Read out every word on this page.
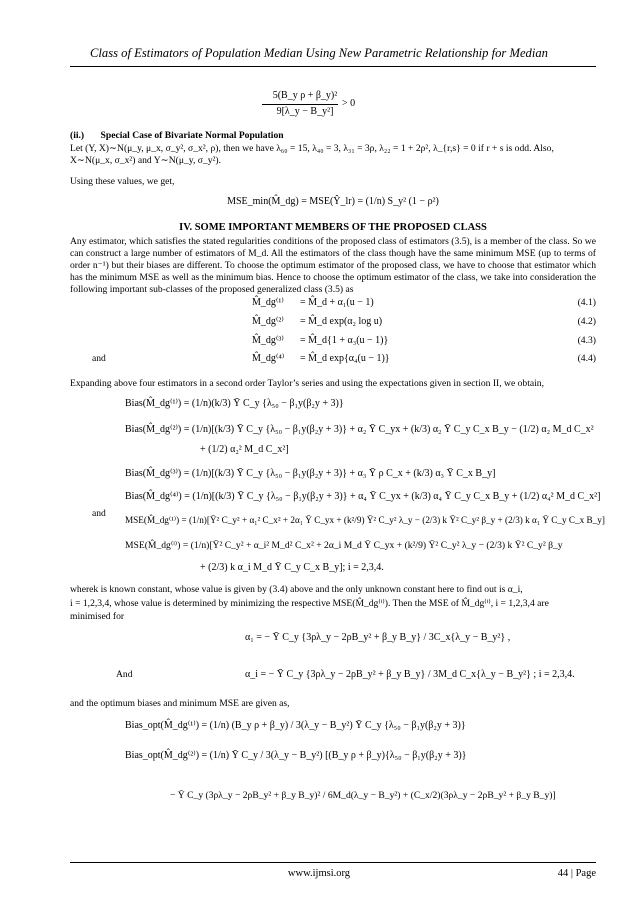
Class of Estimators of Population Median Using New Parametric Relationship for Median
5(B_y ρ + β_y)²
9[λ_y − B_y²]
> 0
(ii.) Special Case of Bivariate Normal Population
Let (Y, X)∼N(μ_y, μ_x, σ_y², σ_x², ρ), then we have λ₆₀ = 15, λ₄₀ = 3, λ₃₁ = 3ρ, λ₂₂ = 1 + 2ρ², λ_{r,s} = 0 if r + s is odd. Also,
X∼N(μ_x, σ_x²) and Y∼N(μ_y, σ_y²).
Using these values, we get,
MSE_min(M̂_dg) = MSE(Ŷ_lr) = (1/n) S_y² (1 − ρ²)
IV. SOME IMPORTANT MEMBERS OF THE PROPOSED CLASS
Any estimator, which satisfies the stated regularities conditions of the proposed class of estimators (3.5), is a member of the class. So we can construct a large number of estimators of M_d. All the estimators of the class though have the same minimum MSE (up to terms of order n⁻¹) but their biases are different. To choose the optimum estimator of the proposed class, we have to choose that estimator which has the minimum MSE as well as the minimum bias. Hence to choose the optimum estimator of the class, we take into consideration the following important sub-classes of the proposed generalized class (3.5) as
M̂_dg⁽¹⁾ = M̂_d + α₁(u − 1)	(4.1)
M̂_dg⁽²⁾ = M̂_d exp(α₂ log u)	(4.2)
M̂_dg⁽³⁾ = M̂_d{1 + α₃(u − 1)}	(4.3)
and	M̂_dg⁽⁴⁾ = M̂_d exp{α₄(u − 1)}	(4.4)
Expanding above four estimators in a second order Taylor’s series and using the expectations given in section II, we obtain,
Bias(M̂_dg⁽¹⁾) = (1/n)(k/3) Ȳ C_y {λ₅₀ − β₁y(β₂y + 3)}
Bias(M̂_dg⁽²⁾) = (1/n)[(k/3) Ȳ C_y {λ₅₀ − β₁y(β₂y + 3)} + α₂ Ȳ C_yx + (k/3) α₂ Ȳ C_y C_x B_y − (1/2) α₂ M_d C_x²
+ (1/2) α₂² M_d C_x²]
Bias(M̂_dg⁽³⁾) = (1/n)[(k/3) Ȳ C_y {λ₅₀ − β₁y(β₂y + 3)} + α₃ Ȳ ρ C_x + (k/3) α₃ Ȳ C_x B_y]
Bias(M̂_dg⁽⁴⁾) = (1/n)[(k/3) Ȳ C_y {λ₅₀ − β₁y(β₂y + 3)} + α₄ Ȳ C_yx + (k/3) α₄ Ȳ C_y C_x B_y + (1/2) α₄² M_d C_x²]
and
MSE(M̂_dg⁽¹⁾) = (1/n)[Ȳ² C_y² + α₁² C_x² + 2α₁ Ȳ C_yx + (k²/9) Ȳ² C_y² λ_y − (2/3) k Ȳ² C_y² β_y + (2/3) k α₁ Ȳ C_y C_x B_y]
MSE(M̂_dg⁽ⁱ⁾) = (1/n)[Ȳ² C_y² + α_i² M_d² C_x² + 2α_i M_d Ȳ C_yx + (k²/9) Ȳ² C_y² λ_y − (2/3) k Ȳ² C_y² β_y
+ (2/3) k α_i M_d Ȳ C_y C_x B_y]; i = 2,3,4.
wherek is known constant, whose value is given by (3.4) above and the only unknown constant here to find out is α_i,
i = 1,2,3,4, whose value is determined by minimizing the respective MSE(M̂_dg⁽ⁱ⁾). Then the MSE of M̂_dg⁽ⁱ⁾, i = 1,2,3,4 are
minimised for
α₁ = − Ȳ C_y {3ρλ_y − 2ρB_y² + β_y B_y} / 3C_x{λ_y − B_y²} ,
And	α_i = − Ȳ C_y {3ρλ_y − 2ρB_y² + β_y B_y} / 3M_d C_x{λ_y − B_y²} ; i = 2,3,4.
and the optimum biases and minimum MSE are given as,
Bias_opt(M̂_dg⁽¹⁾) = (1/n) (B_y ρ + β_y) / 3(λ_y − B_y²) Ȳ C_y {λ₅₀ − β₁y(β₂y + 3)}
Bias_opt(M̂_dg⁽²⁾) = (1/n) Ȳ C_y / 3(λ_y − B_y²) [(B_y ρ + β_y){λ₅₀ − β₁y(β₂y + 3)}
− Ȳ C_y (3ρλ_y − 2ρB_y² + β_y B_y)² / 6M_d(λ_y − B_y²) + (C_x/2)(3ρλ_y − 2ρB_y² + β_y B_y)]
www.ijmsi.org	44 | Page
